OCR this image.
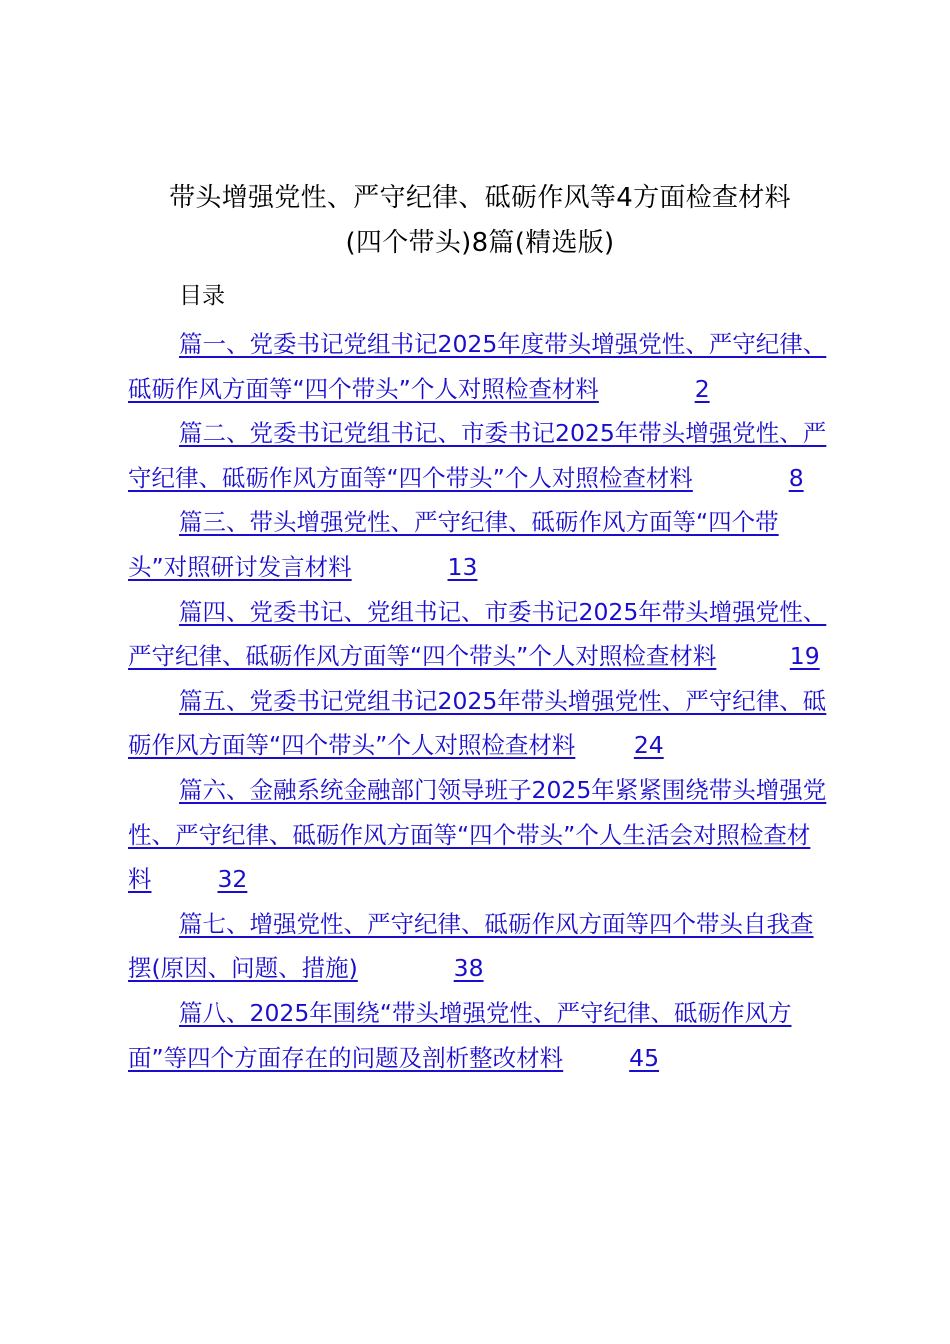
带头增强党性、严守纪律、砥砺作风等4方面检查材料
(四个带头)8篇(精选版)
目录
篇一、党委书记党组书记2025年度带头增强党性、严守纪律、砥砺作风方面等“四个带头”个人对照检查材料	2
篇二、党委书记党组书记、市委书记2025年带头增强党性、严守纪律、砥砺作风方面等“四个带头”个人对照检查材料	8
篇三、带头增强党性、严守纪律、砥砺作风方面等“四个带头”对照研讨发言材料	13
篇四、党委书记、党组书记、市委书记2025年带头增强党性、严守纪律、砥砺作风方面等“四个带头”个人对照检查材料	19
篇五、党委书记党组书记2025年带头增强党性、严守纪律、砥砺作风方面等“四个带头”个人对照检查材料 24
篇六、金融系统金融部门领导班子2025年紧紧围绕带头增强党性、严守纪律、砥砺作风方面等“四个带头”个人生活会对照检查材料	32
篇七、增强党性、严守纪律、砥砺作风方面等四个带头自我查摆(原因、问题、措施)	38
篇八、2025年围绕“带头增强党性、严守纪律、砥砺作风方面”等四个方面存在的问题及剖析整改材料	45
